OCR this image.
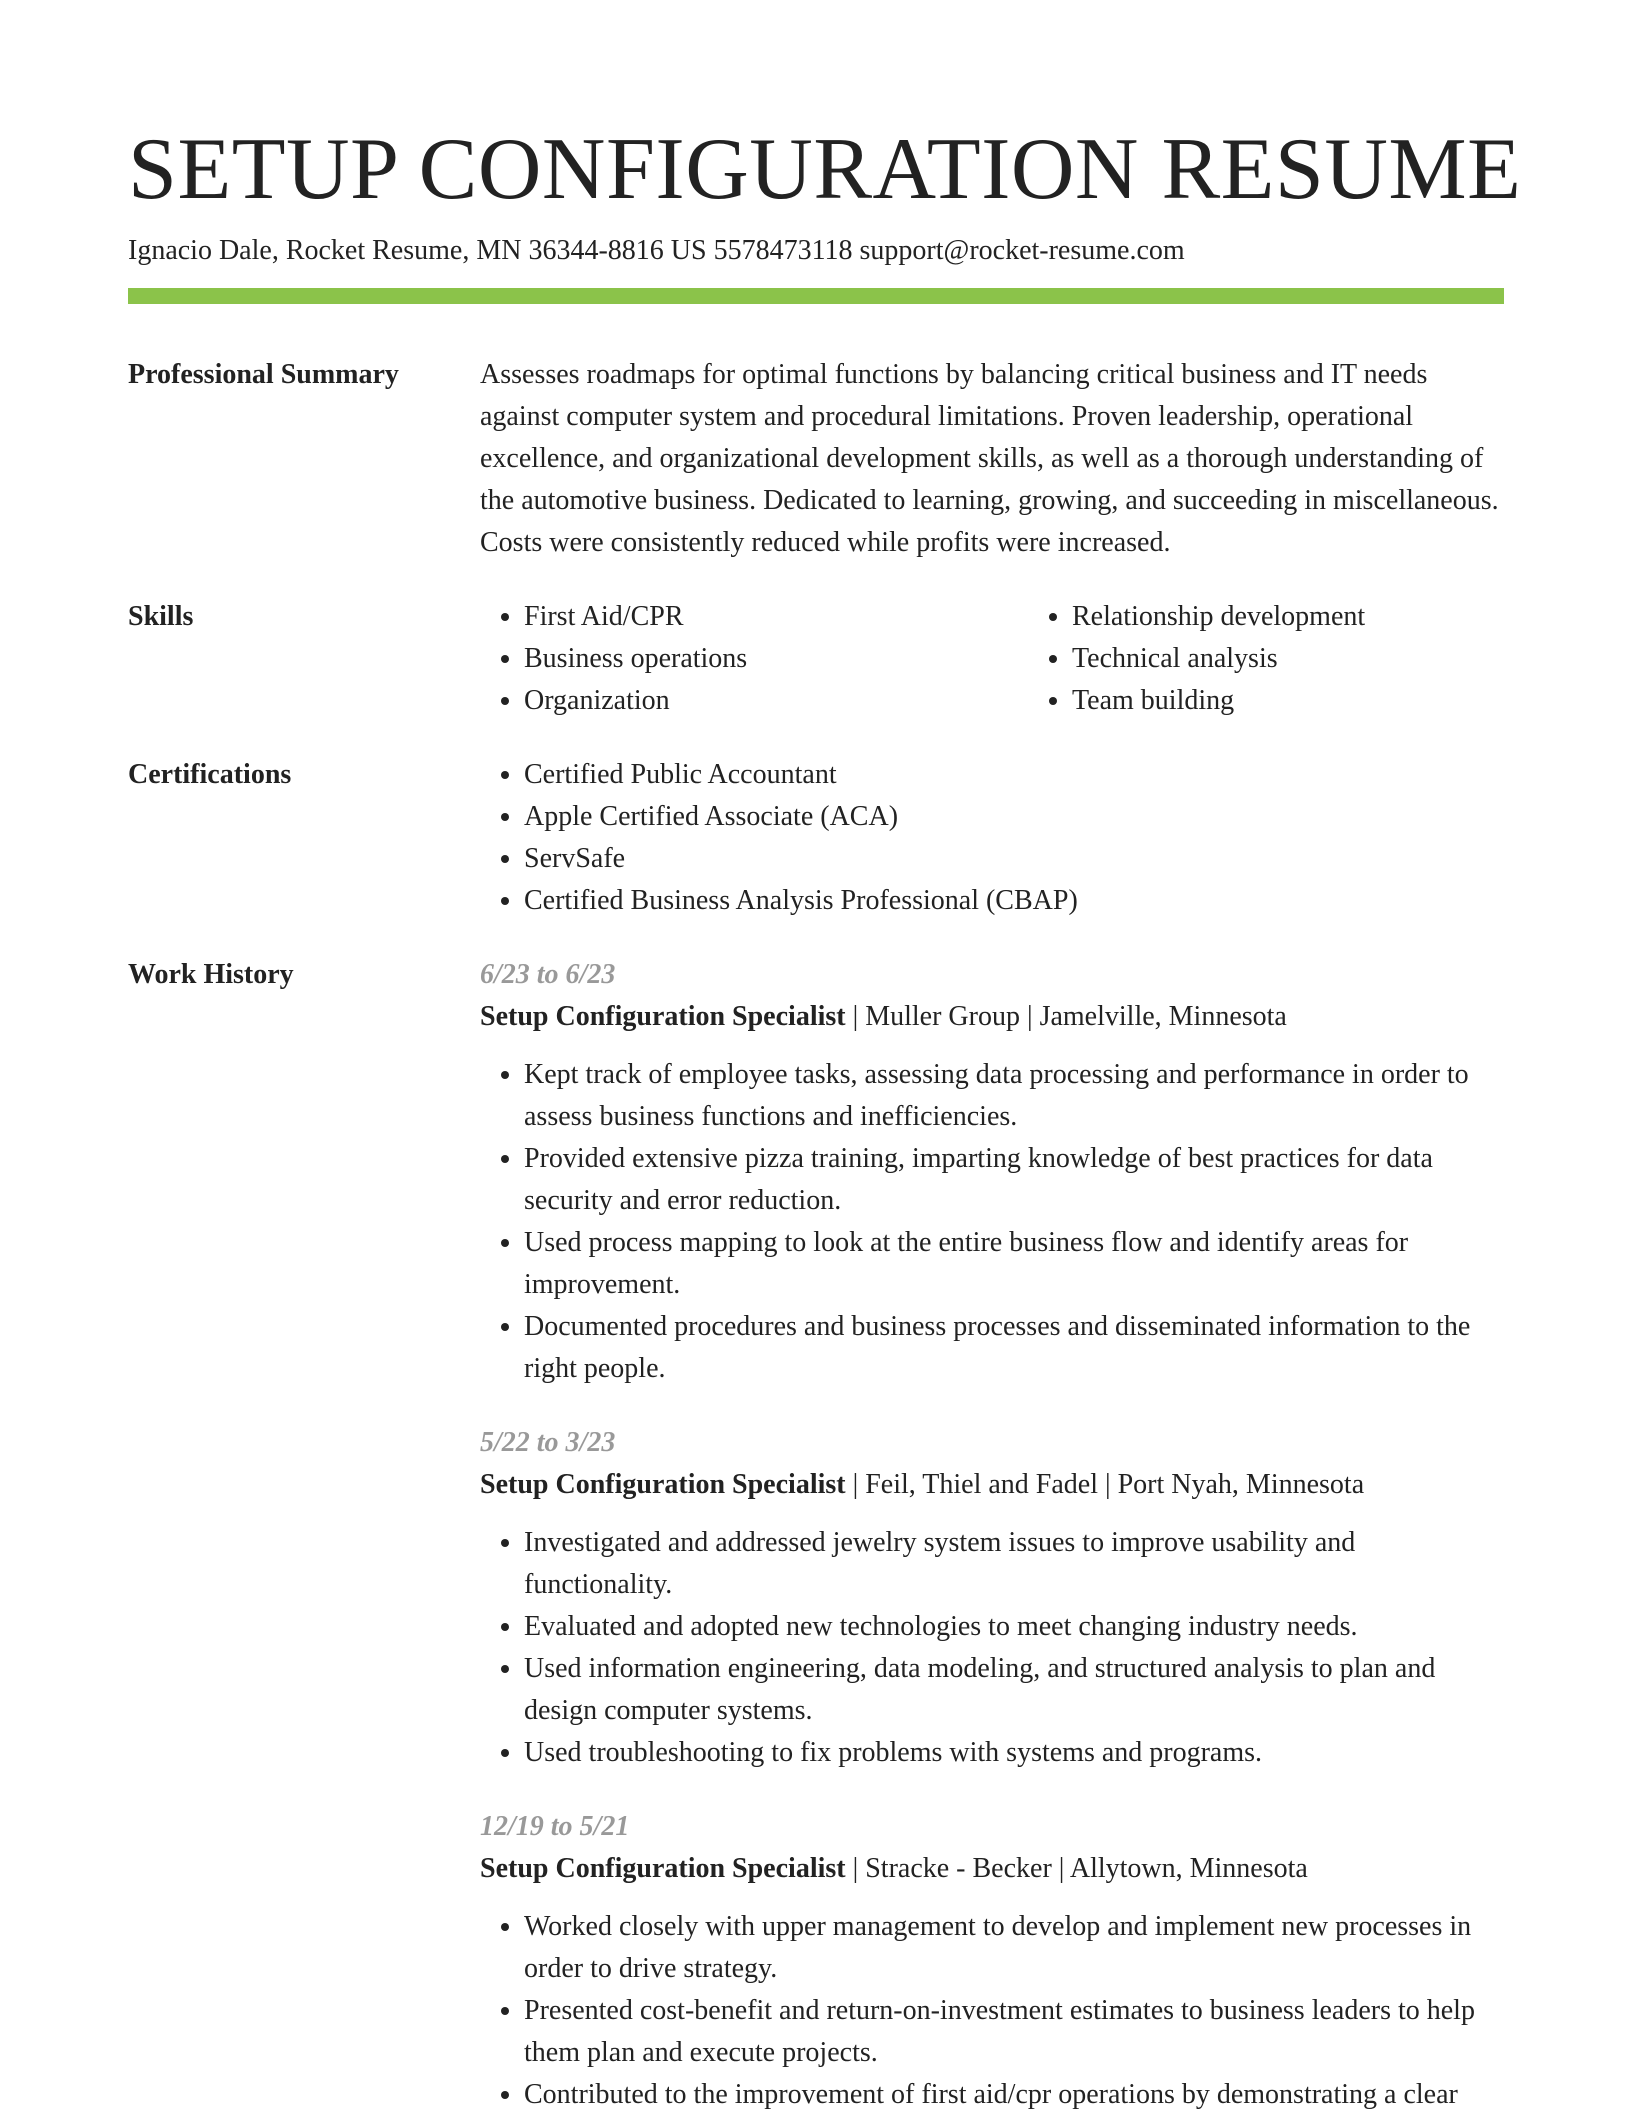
SETUP CONFIGURATION RESUME
Ignacio Dale, Rocket Resume, MN 36344-8816 US 5578473118 support@rocket-resume.com
Professional Summary	Assesses roadmaps for optimal functions by balancing critical business and IT needs against computer system and procedural limitations. Proven leadership, operational excellence, and organizational development skills, as well as a thorough understanding of the automotive business. Dedicated to learning, growing, and succeeding in miscellaneous. Costs were consistently reduced while profits were increased.
Skills	• First Aid/CPR
• Business operations
• Organization
• Relationship development
• Technical analysis
• Team building
Certifications	• Certified Public Accountant
• Apple Certified Associate (ACA)
• ServSafe
• Certified Business Analysis Professional (CBAP)
Work History	6/23 to 6/23
Setup Configuration Specialist | Muller Group | Jamelville, Minnesota
• Kept track of employee tasks, assessing data processing and performance in order to assess business functions and inefficiencies.
• Provided extensive pizza training, imparting knowledge of best practices for data security and error reduction.
• Used process mapping to look at the entire business flow and identify areas for improvement.
• Documented procedures and business processes and disseminated information to the right people.
5/22 to 3/23
Setup Configuration Specialist | Feil, Thiel and Fadel | Port Nyah, Minnesota
• Investigated and addressed jewelry system issues to improve usability and functionality.
• Evaluated and adopted new technologies to meet changing industry needs.
• Used information engineering, data modeling, and structured analysis to plan and design computer systems.
• Used troubleshooting to fix problems with systems and programs.
12/19 to 5/21
Setup Configuration Specialist | Stracke - Becker | Allytown, Minnesota
• Worked closely with upper management to develop and implement new processes in order to drive strategy.
• Presented cost-benefit and return-on-investment estimates to business leaders to help them plan and execute projects.
• Contributed to the improvement of first aid/cpr operations by demonstrating a clear
